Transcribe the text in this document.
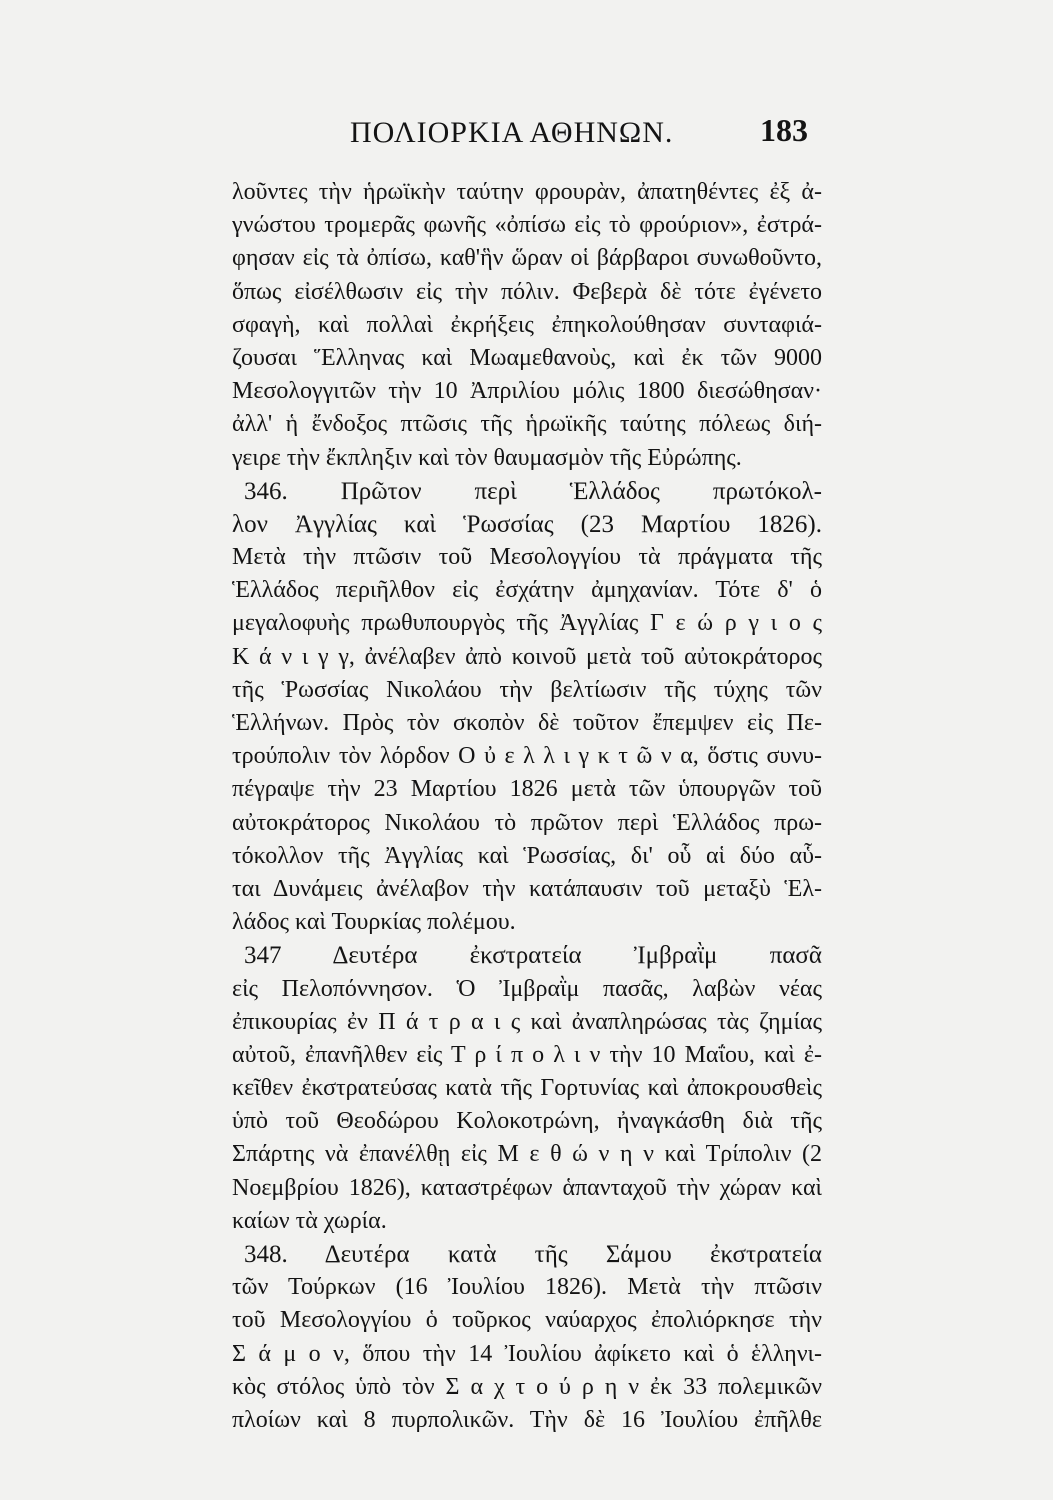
ΠΟΛΙΟΡΚΙΑ ΑΘΗΝΩΝ.	183
λοῦντες τὴν ἡρωϊκὴν ταύτην φρουρὰν, ἀπατηθέντες ἐξ ἀ-
γνώστου τρομερᾶς φωνῆς «ὀπίσω εἰς τὸ φρούριον», ἐστρά-
φησαν εἰς τὰ ὀπίσω, καθ'ἣν ὥραν οἱ βάρβαροι συνωθοῦντο,
ὅπως εἰσέλθωσιν εἰς τὴν πόλιν. Φεβερὰ δὲ τότε ἐγένετο
σφαγὴ, καὶ πολλαὶ ἐκρήξεις ἐπηκολούθησαν συνταφιά-
ζουσαι Ἕλληνας καὶ Μωαμεθανοὺς, καὶ ἐκ τῶν 9000
Μεσολογγιτῶν τὴν 10 Ἀπριλίου μόλις 1800 διεσώθησαν·
ἀλλ' ἡ ἔνδοξος πτῶσις τῆς ἡρωϊκῆς ταύτης πόλεως διή-
γειρε τὴν ἔκπληξιν καὶ τὸν θαυμασμὸν τῆς Εὐρώπης.
346. Πρῶτον περὶ Ἑλλάδος πρωτόκολ-
λον Ἀγγλίας καὶ Ῥωσσίας (23 Μαρτίου 1826).
Μετὰ τὴν πτῶσιν τοῦ Μεσολογγίου τὰ πράγματα τῆς
Ἑλλάδος περιῆλθον εἰς ἐσχάτην ἀμηχανίαν. Τότε δ' ὁ
μεγαλοφυὴς πρωθυπουργὸς τῆς Ἀγγλίας Γ ε ώ ρ γ ι ο ς
Κ ά ν ι γ γ, ἀνέλαβεν ἀπὸ κοινοῦ μετὰ τοῦ αὐτοκράτορος
τῆς Ῥωσσίας Νικολάου τὴν βελτίωσιν τῆς τύχης τῶν
Ἑλλήνων. Πρὸς τὸν σκοπὸν δὲ τοῦτον ἔπεμψεν εἰς Πε-
τρούπολιν τὸν λόρδον Ο ὐ ε λ λ ι γ κ τ ῶ ν α, ὅστις συνυ-
πέγραψε τὴν 23 Μαρτίου 1826 μετὰ τῶν ὑπουργῶν τοῦ
αὐτοκράτορος Νικολάου τὸ πρῶτον περὶ Ἑλλάδος πρω-
τόκολλον τῆς Ἀγγλίας καὶ Ῥωσσίας, δι' οὗ αἱ δύο αὗ-
ται Δυνάμεις ἀνέλαβον τὴν κατάπαυσιν τοῦ μεταξὺ Ἑλ-
λάδος καὶ Τουρκίας πολέμου.
347 Δευτέρα ἐκστρατεία Ἰμβραῒμ πασᾶ
εἰς Πελοπόννησον. Ὁ Ἰμβραῒμ πασᾶς, λαβὼν νέας
ἐπικουρίας ἐν Π ά τ ρ α ι ς καὶ ἀναπληρώσας τὰς ζημίας
αὐτοῦ, ἐπανῆλθεν εἰς Τ ρ ί π ο λ ι ν τὴν 10 Μαΐου, καὶ ἐ-
κεῖθεν ἐκστρατεύσας κατὰ τῆς Γορτυνίας καὶ ἀποκρουσθεὶς
ὑπὸ τοῦ Θεοδώρου Κολοκοτρώνη, ἠναγκάσθη διὰ τῆς
Σπάρτης νὰ ἐπανέλθῃ εἰς Μ ε θ ώ ν η ν καὶ Τρίπολιν (2
Νοεμβρίου 1826), καταστρέφων ἁπανταχοῦ τὴν χώραν καὶ
καίων τὰ χωρία.
348. Δευτέρα κατὰ τῆς Σάμου ἐκστρατεία
τῶν Τούρκων (16 Ἰουλίου 1826). Μετὰ τὴν πτῶσιν
τοῦ Μεσολογγίου ὁ τοῦρκος ναύαρχος ἐπολιόρκησε τὴν
Σ ά μ ο ν, ὅπου τὴν 14 Ἰουλίου ἀφίκετο καὶ ὁ ἑλληνι-
κὸς στόλος ὑπὸ τὸν Σ α χ τ ο ύ ρ η ν ἐκ 33 πολεμικῶν
πλοίων καὶ 8 πυρπολικῶν. Τὴν δὲ 16 Ἰουλίου ἐπῆλθε
